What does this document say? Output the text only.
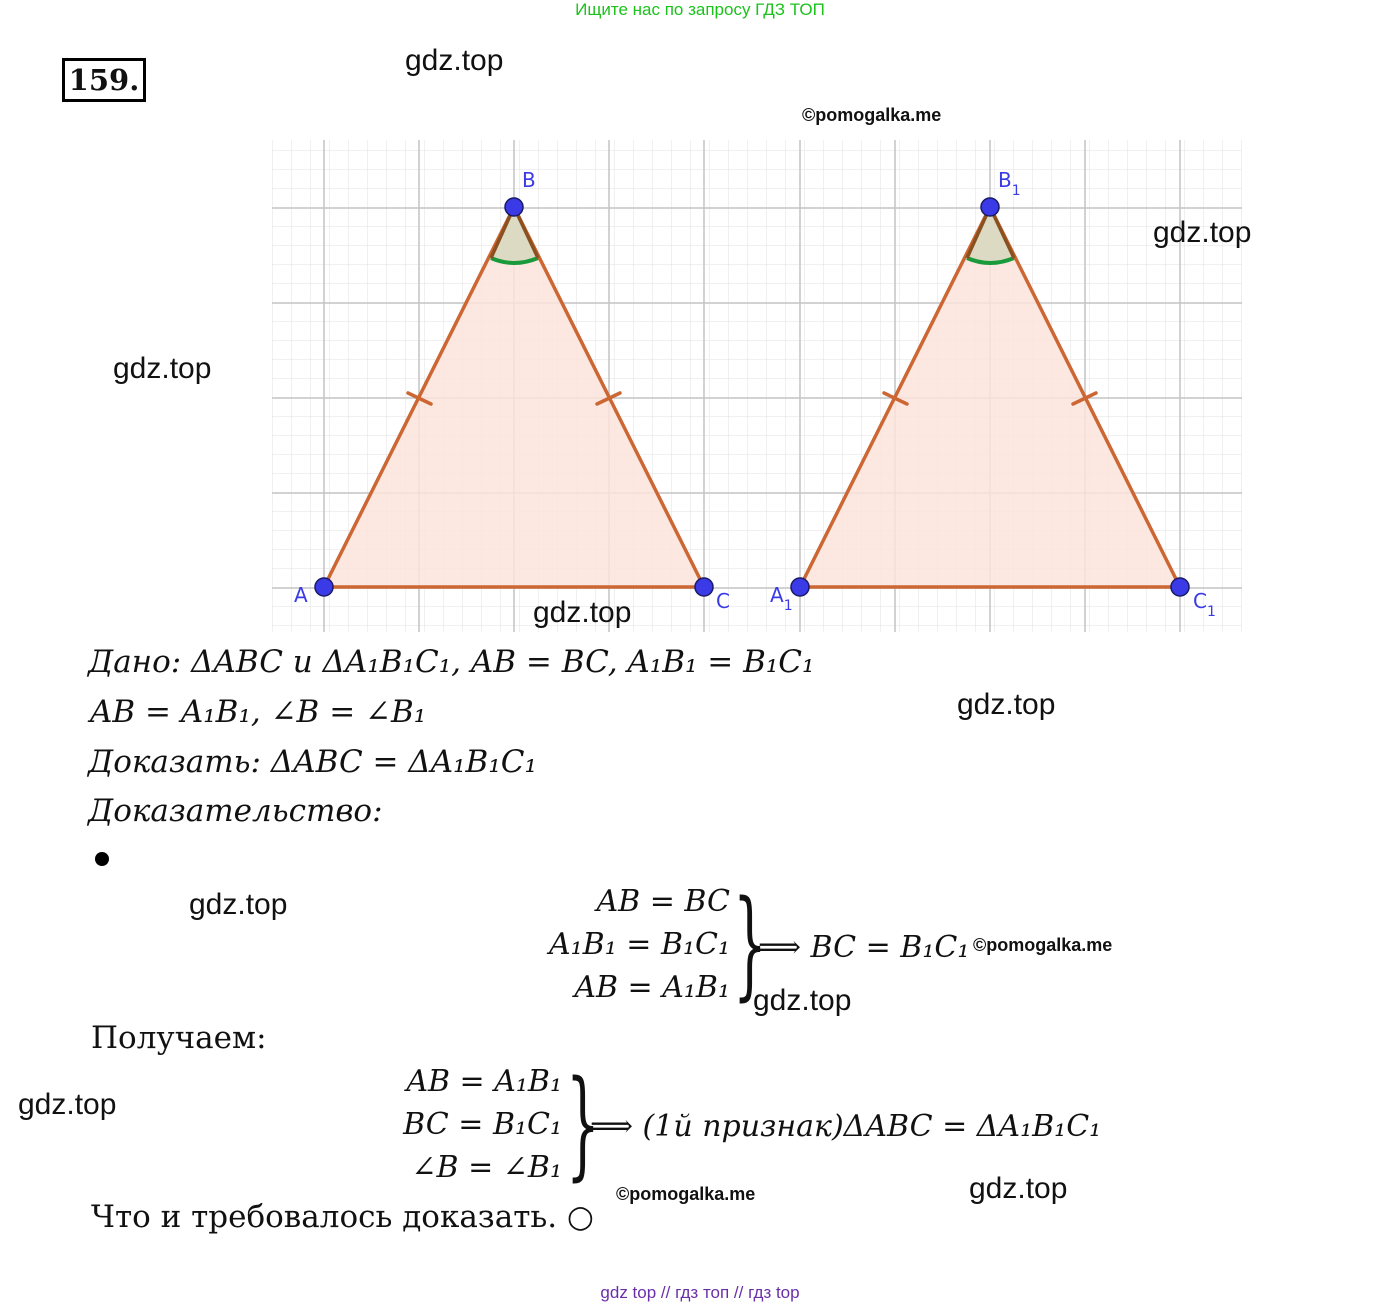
Ищите нас по запросу ГДЗ ТОП
159.
gdz.top
©pomogalka.me
B
A	C
$B_1$
$A_1$	$C_1$
gdz.top
gdz.top
gdz.top
gdz.top
Дано: ΔABC и ΔA₁B₁C₁, AB = BC, A₁B₁ = B₁C₁
AB = A₁B₁, ∠B = ∠B₁
Доказать: ΔABC = ΔA₁B₁C₁
Доказательство:
gdz.top	AB = BC
A₁B₁ = B₁C₁
AB = A₁B₁ }
⟹ BC = B₁C₁ ©pomogalka.me
gdz.top
Получаем:
gdz.top
AB = A₁B₁
BC = B₁C₁
∠B = ∠B₁ }
⟹ (1й признак)ΔABC = ΔA₁B₁C₁
©pomogalka.me	gdz.top
Что и требовалось доказать. ○
gdz top // гдз топ // гдз top
